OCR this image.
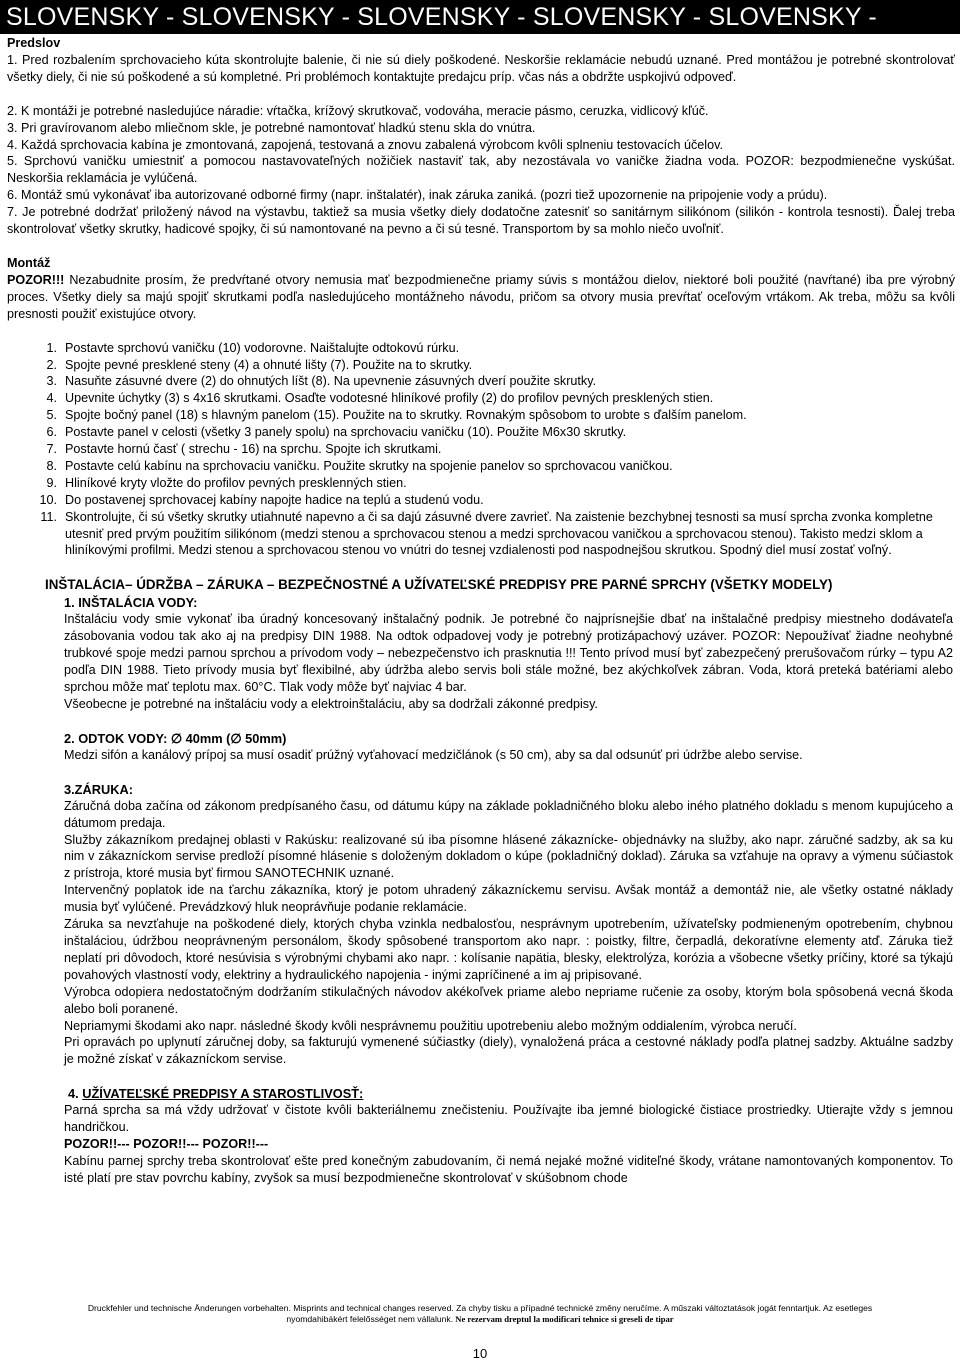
SLOVENSKY - SLOVENSKY - SLOVENSKY - SLOVENSKY - SLOVENSKY -
Predslov

1. Pred rozbalením sprchovacieho kúta skontrolujte balenie, či nie sú diely poškodené. Neskoršie reklamácie nebudú uznané. Pred montážou je potrebné skontrolovať všetky diely, či nie sú poškodené a sú kompletné. Pri problémoch kontaktujte predajcu príp. včas nás a obdržte uspkojivú odpoveď.

2. K montáži je potrebné nasledujúce náradie: vŕtačka, krížový skrutkovač, vodováha, meracie pásmo, ceruzka, vidlicový kľúč.

3. Pri gravírovanom alebo mliečnom skle, je potrebné namontovať hladkú stenu skla do vnútra.

4. Každá sprchovacia kabína je zmontovaná, zapojená, testovaná a znovu zabalená výrobcom kvôli splneniu testovacích účelov.

5. Sprchovú vaničku umiestniť a pomocou nastavovateľných nožičiek nastaviť tak, aby nezostávala vo vaničke žiadna voda. POZOR: bezpodmienečne vyskúšat. Neskoršia reklamácia je vylúčená.

6. Montáž smú vykonávať iba autorizované odborné firmy (napr. inštalatér), inak záruka zaniká. (pozri tiež upozornenie na pripojenie vody a prúdu).

7. Je potrebné dodržať priložený návod na výstavbu, taktiež sa musia všetky diely dodatočne zatesniť so sanitárnym silikónom (silikón - kontrola tesnosti). Ďalej treba skontrolovať všetky skrutky, hadicové spojky, či sú namontované na pevno a či sú tesné. Transportom by sa mohlo niečo uvoľniť.

Montáž

POZOR!!! Nezabudnite prosím, že predvŕtané otvory nemusia mať bezpodmienečne priamy súvis s montážou dielov, niektoré boli použité (navŕtané) iba pre výrobný proces. Všetky diely sa majú spojiť skrutkami podľa nasledujúceho montážneho návodu, pričom sa otvory musia prevŕtať oceľovým vrtákom. Ak treba, môžu sa kvôli presnosti použiť existujúce otvory.

1. Postavte sprchovú vaničku (10) vodorovne. Naištalujte odtokovú rúrku.
2. Spojte pevné presklené steny (4) a ohnuté lišty (7). Použite na to skrutky.
3. Nasuňte zásuvné dvere (2) do ohnutých líšt (8). Na upevnenie zásuvných dverí použite skrutky.
4. Upevnite úchytky (3) s 4x16 skrutkami. Osaďte vodotesné hliníkové profily (2) do profilov pevných presklených stien.
5. Spojte bočný panel (18) s hlavným panelom (15). Použite na to skrutky. Rovnakým spôsobom to urobte s ďalším panelom.
6. Postavte panel v celosti (všetky 3 panely spolu) na sprchovaciu vaničku (10). Použite M6x30 skrutky.
7. Postavte hornú časť ( strechu - 16) na sprchu. Spojte ich skrutkami.
8. Postavte celú kabínu na sprchovaciu vaničku. Použite skrutky na spojenie panelov so sprchovacou vaničkou.
9. Hliníkové kryty vložte do profilov pevných presklenných stien.
10. Do postavenej sprchovacej kabíny napojte hadice na teplú a studenú vodu.
11. Skontrolujte, či sú všetky skrutky utiahnuté napevno a či sa dajú zásuvné dvere zavrieť. Na zaistenie bezchybnej tesnosti sa musí sprcha zvonka kompletne utesniť pred prvým použitím silikónom (medzi stenou a sprchovacou stenou a medzi sprchovacou vaničkou a sprchovacou stenou). Takisto medzi sklom a hliníkovými profilmi. Medzi stenou a sprchovacou stenou vo vnútri do tesnej vzdialenosti pod naspodnejšou skrutkou. Spodný diel musí zostať voľný.
INŠTALÁCIA– ÚDRŽBA – ZÁRUKA – BEZPEČNOSTNÉ A UŽÍVATEĽSKÉ PREDPISY PRE PARNÉ SPRCHY (VŠETKY MODELY)
1. INŠTALÁCIA VODY:

Inštaláciu vody smie vykonať iba úradný koncesovaný inštalačný podnik. Je potrebné čo najprísnejšie dbať na inštalačné predpisy miestneho dodávateľa zásobovania vodou tak ako aj na predpisy DIN 1988. Na odtok odpadovej vody je potrebný protizápachový uzáver. POZOR: Nepoužívať žiadne neohybné trubkové spoje medzi parnou sprchou a prívodom vody – nebezpečenstvo ich prasknutia !!! Tento prívod musí byť zabezpečený prerušovačom rúrky – typu A2 podľa DIN 1988. Tieto prívody musia byť flexibilné, aby údržba alebo servis boli stále možné, bez akýchkoľvek zábran. Voda, ktorá preteká batériami alebo sprchou môže mať teplotu max. 60°C. Tlak vody môže byť najviac 4 bar.

Všeobecne je potrebné na inštaláciu vody a elektroinštaláciu, aby sa dodržali zákonné predpisy.

2. ODTOK VODY: ∅ 40mm (∅ 50mm)

Medzi sifón a kanálový prípoj sa musí osadiť prúžný vyťahovací medzičlánok (s 50 cm), aby sa dal odsunúť pri údržbe alebo servise.

3.ZÁRUKA:

Záručná doba začína od zákonom predpísaného času, od dátumu kúpy na základe pokladničného bloku alebo iného platného dokladu s menom kupujúceho a dátumom predaja.

Služby zákazníkom predajnej oblasti v Rakúsku: realizované sú iba písomne hlásené zákaznícke- objednávky na služby, ako napr. záručné sadzby, ak sa ku nim v zákazníckom servise predloží písomné hlásenie s doloženým dokladom o kúpe (pokladničný doklad). Záruka sa vzťahuje na opravy a výmenu súčiastok z prístroja, ktoré musia byť firmou SANOTECHNIK uznané.

Intervenčný poplatok ide na ťarchu zákazníka, ktorý je potom uhradený zákazníckemu servisu. Avšak montáž a demontáž nie, ale všetky ostatné náklady musia byť vylúčené. Prevádzkový hluk neoprávňuje podanie reklamácie.

Záruka sa nevzťahuje na poškodené diely, ktorých chyba vzinkla nedbalosťou, nesprávnym upotrebením, užívateľsky podmieneným opotrebením, chybnou inštaláciou, údržbou neoprávneným personálom, škody spôsobené transportom ako napr. : poistky, filtre, čerpadlá, dekoratívne elementy atď. Záruka tiež neplatí pri dôvodoch, ktoré nesúvisia s výrobnými chybami ako napr. : kolísanie napätia, blesky, elektrolýza, korózia a všobecne všetky príčiny, ktoré sa týkajú povahových vlastností vody, elektriny a hydraulického napojenia - inými zapríčinené a im aj pripisované.

Výrobca odopiera nedostatočným dodržaním stikulačných návodov akékoľvek priame alebo nepriame ručenie za osoby, ktorým bola spôsobená vecná škoda alebo boli poranené.

Nepriamymi škodami ako napr. následné škody kvôli nesprávnemu použitiu upotrebeniu alebo možným oddialením, výrobca neručí.

Pri opravách po uplynutí záručnej doby, sa fakturujú vymenené súčiastky (diely), vynaložená práca a cestovné náklady podľa platnej sadzby. Aktuálne sadzby je možné získať v zákazníckom servise.

4. UŽÍVATEĽSKÉ PREDPISY A STAROSTLIVOSŤ:

Parná sprcha sa má vždy udržovať v čistote kvôli bakteriálnemu znečisteniu. Používajte iba jemné biologické čistiace prostriedky. Utierajte vždy s jemnou handričkou.

POZOR!!--- POZOR!!--- POZOR!!---

Kabínu parnej sprchy treba skontrolovať ešte pred konečným zabudovaním, či nemá nejaké možné viditeľné škody, vrátane namontovaných komponentov. To isté platí pre stav povrchu kabíny, zvyšok sa musí bezpodmienečne skontrolovať v skúšobnom chode

Druckfehler und technische Änderungen vorbehalten. Misprints and technical changes reserved. Za chyby tisku a případné technické změny neručíme. A műszaki változtatások jogát fenntartjuk. Az esetleges
nyomdahibákért felelősséget nem vállalunk. Ne rezervam dreptul la modificari tehnice si greseli de tipar
10
